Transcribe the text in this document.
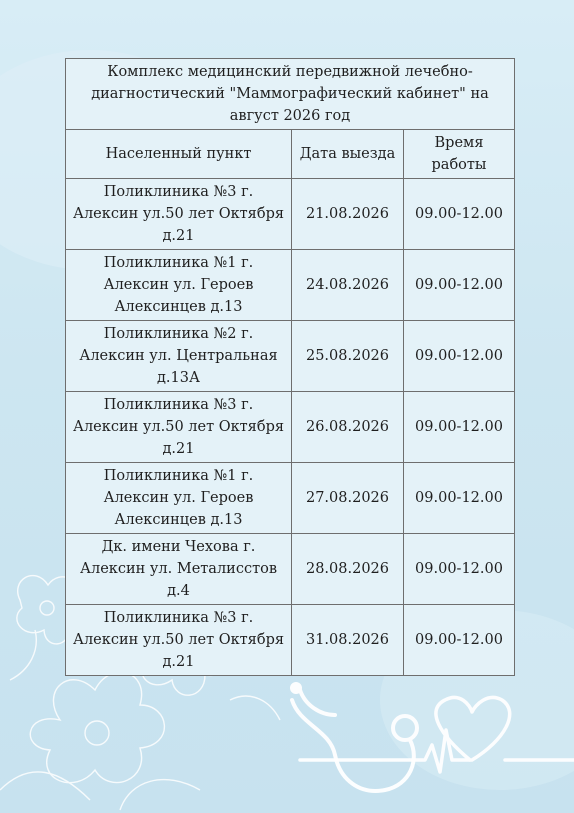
Комплекс медицинский передвижной лечебно-диагностический "Маммографический кабинет" на август 2026 год		
Населенный пункт	Дата выезда	Время работы
Поликлиника №3 г. Алексин ул.50 лет Октября д.21	21.08.2026	09.00-12.00
Поликлиника №1 г. Алексин ул. Героев Алексинцев д.13	24.08.2026	09.00-12.00
Поликлиника №2 г. Алексин ул. Центральная д.13А	25.08.2026	09.00-12.00
Поликлиника №3 г. Алексин ул.50 лет Октября д.21	26.08.2026	09.00-12.00
Поликлиника №1 г. Алексин ул. Героев Алексинцев д.13	27.08.2026	09.00-12.00
Дк. имени Чехова г. Алексин ул. Металисстов д.4	28.08.2026	09.00-12.00
Поликлиника №3 г. Алексин ул.50 лет Октября д.21	31.08.2026	09.00-12.00
